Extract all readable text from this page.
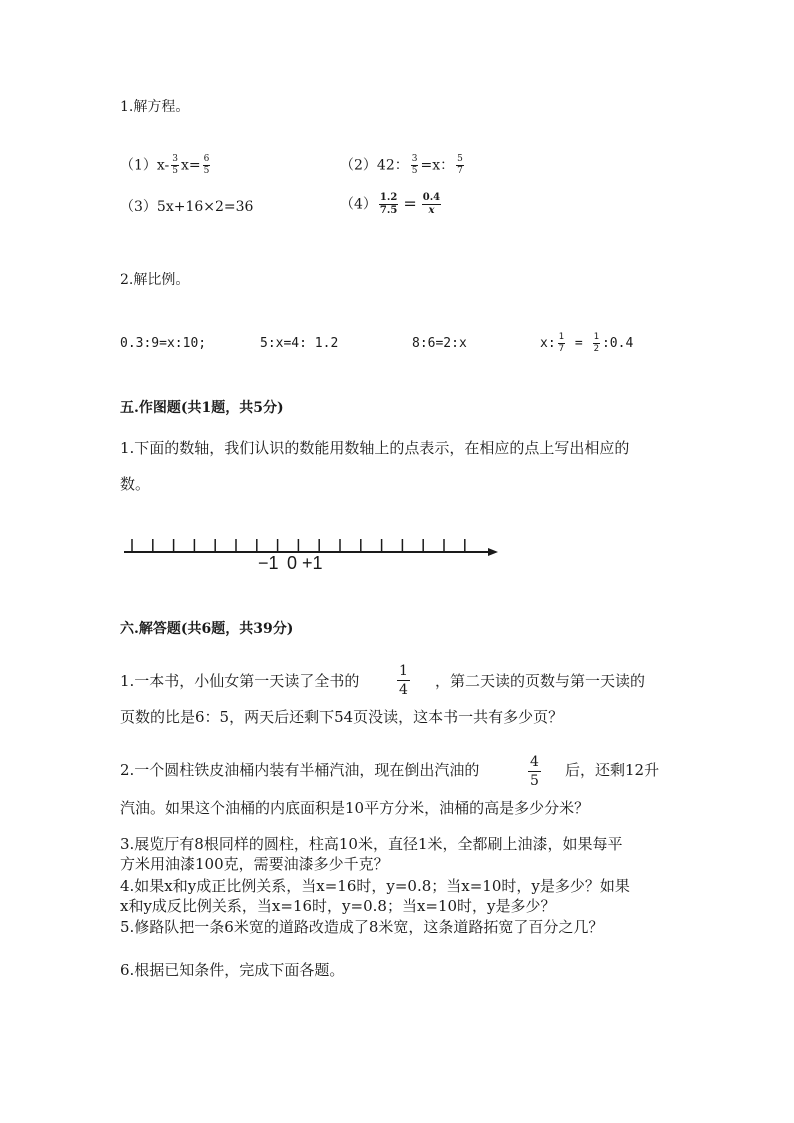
1.解方程。
$(1)x- \frac{3}{5} x= \frac{6}{5}$	（2）42： $\frac{3}{5} =x$： $\frac{5}{7}$
（3）5x+16×2=36	$(4) \frac{1.2}{7.5} = \frac{0.4}{x}$
2.解比例。
0.3:9=x:10;	5:x=4: 1.2	8:6=2:x	x: $\frac{1}{7} = \frac{1}{2}$ :0.4
五.作图题(共1题，共5分)
1.下面的数轴，我们认识的数能用数轴上的点表示，在相应的点上写出相应的
数。
−1 0 +1
六.解答题(共6题，共39分)
1.一本书，小仙女第一天读了全书的	$\frac{1}{4}$ ，第二天读的页数与第一天读的
页数的比是6：5，两天后还剩下54页没读，这本书一共有多少页？
2.一个圆柱铁皮油桶内装有半桶汽油，现在倒出汽油的	$\frac{4}{5}$ 后，还剩12升
汽油。如果这个油桶的内底面积是10平方分米，油桶的高是多少分米？
3.展览厅有8根同样的圆柱，柱高10米，直径1米，全都刷上油漆，如果每平
方米用油漆100克，需要油漆多少千克？
4.如果x和y成正比例关系，当x=16时，y=0.8；当x=10时，y是多少？如果
x和y成反比例关系，当x=16时，y=0.8；当x=10时，y是多少？
5.修路队把一条6米宽的道路改造成了8米宽，这条道路拓宽了百分之几？
6.根据已知条件，完成下面各题。
